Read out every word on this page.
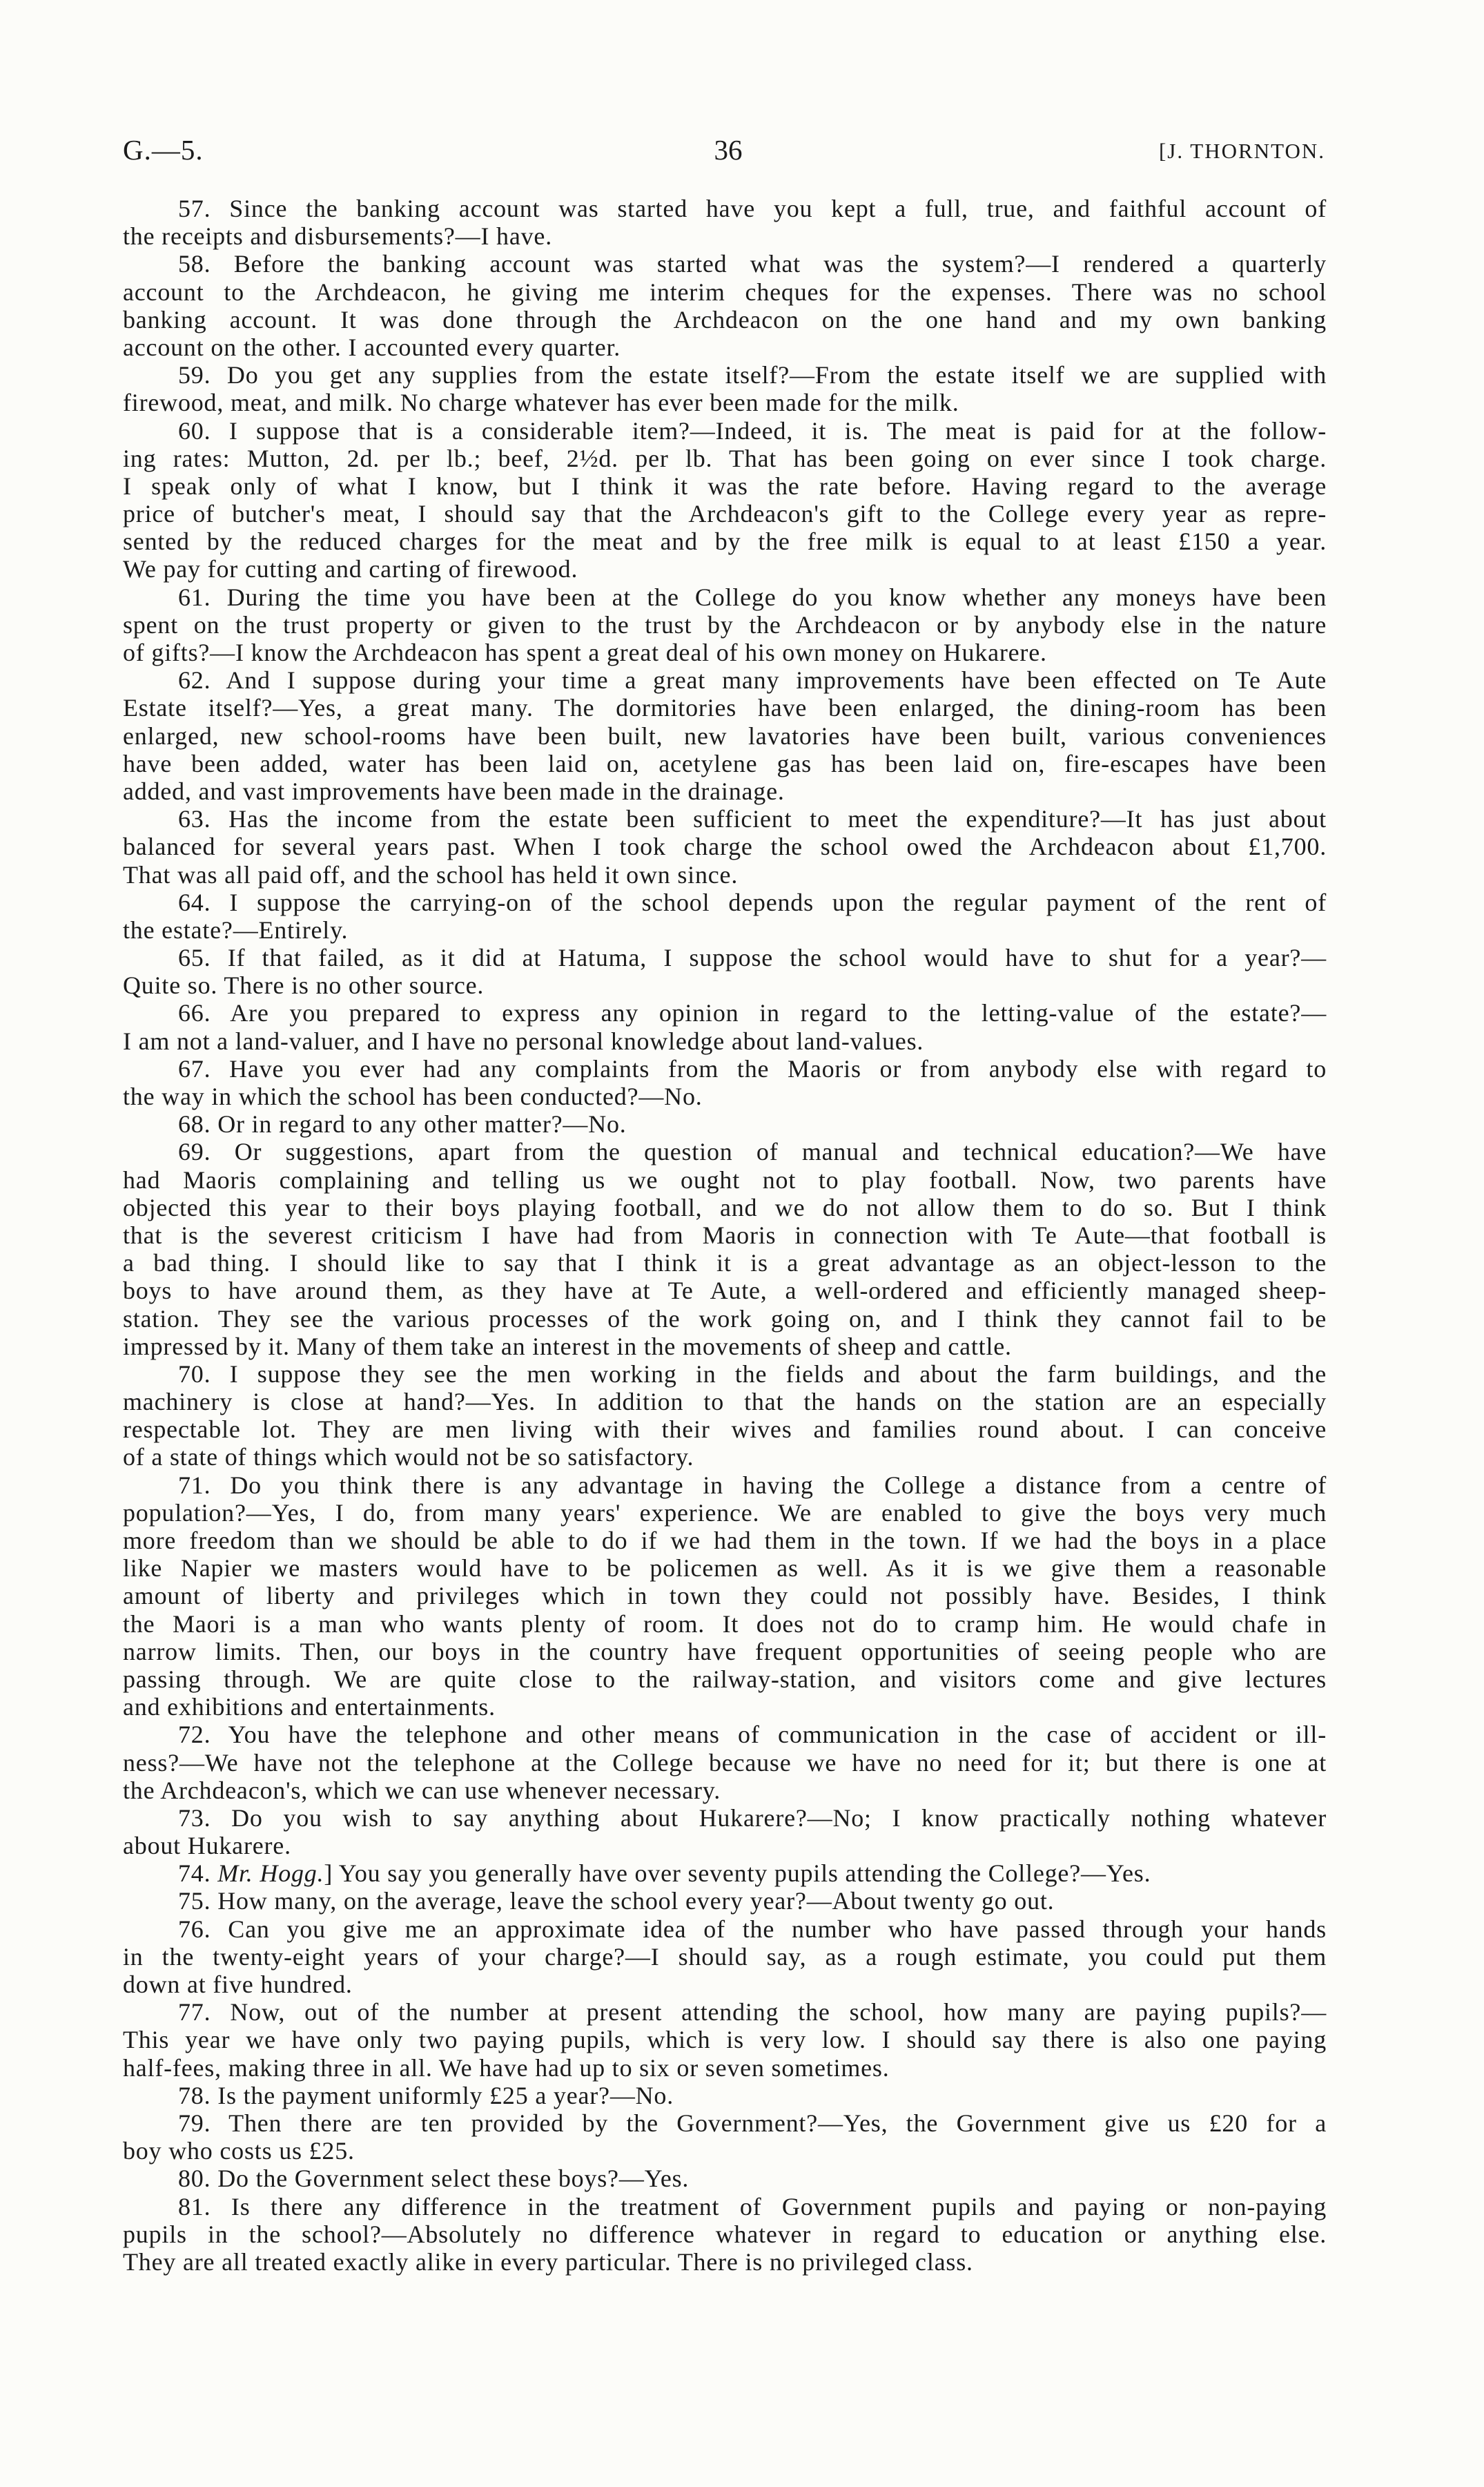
G.—5.	36	[J. THORNTON.
57. Since the banking account was started have you kept a full, true, and faithful account of
the receipts and disbursements?—I have.
58. Before the banking account was started what was the system?—I rendered a quarterly
account to the Archdeacon, he giving me interim cheques for the expenses. There was no school
banking account. It was done through the Archdeacon on the one hand and my own banking
account on the other. I accounted every quarter.
59. Do you get any supplies from the estate itself?—From the estate itself we are supplied with
firewood, meat, and milk. No charge whatever has ever been made for the milk.
60. I suppose that is a considerable item?—Indeed, it is. The meat is paid for at the follow-
ing rates: Mutton, 2d. per lb.; beef, 2½d. per lb. That has been going on ever since I took charge.
I speak only of what I know, but I think it was the rate before. Having regard to the average
price of butcher's meat, I should say that the Archdeacon's gift to the College every year as repre-
sented by the reduced charges for the meat and by the free milk is equal to at least £150 a year.
We pay for cutting and carting of firewood.
61. During the time you have been at the College do you know whether any moneys have been
spent on the trust property or given to the trust by the Archdeacon or by anybody else in the nature
of gifts?—I know the Archdeacon has spent a great deal of his own money on Hukarere.
62. And I suppose during your time a great many improvements have been effected on Te Aute
Estate itself?—Yes, a great many. The dormitories have been enlarged, the dining-room has been
enlarged, new school-rooms have been built, new lavatories have been built, various conveniences
have been added, water has been laid on, acetylene gas has been laid on, fire-escapes have been
added, and vast improvements have been made in the drainage.
63. Has the income from the estate been sufficient to meet the expenditure?—It has just about
balanced for several years past. When I took charge the school owed the Archdeacon about £1,700.
That was all paid off, and the school has held it own since.
64. I suppose the carrying-on of the school depends upon the regular payment of the rent of
the estate?—Entirely.
65. If that failed, as it did at Hatuma, I suppose the school would have to shut for a year?—
Quite so. There is no other source.
66. Are you prepared to express any opinion in regard to the letting-value of the estate?—
I am not a land-valuer, and I have no personal knowledge about land-values.
67. Have you ever had any complaints from the Maoris or from anybody else with regard to
the way in which the school has been conducted?—No.
68. Or in regard to any other matter?—No.
69. Or suggestions, apart from the question of manual and technical education?—We have
had Maoris complaining and telling us we ought not to play football. Now, two parents have
objected this year to their boys playing football, and we do not allow them to do so. But I think
that is the severest criticism I have had from Maoris in connection with Te Aute—that football is
a bad thing. I should like to say that I think it is a great advantage as an object-lesson to the
boys to have around them, as they have at Te Aute, a well-ordered and efficiently managed sheep-
station. They see the various processes of the work going on, and I think they cannot fail to be
impressed by it. Many of them take an interest in the movements of sheep and cattle.
70. I suppose they see the men working in the fields and about the farm buildings, and the
machinery is close at hand?—Yes. In addition to that the hands on the station are an especially
respectable lot. They are men living with their wives and families round about. I can conceive
of a state of things which would not be so satisfactory.
71. Do you think there is any advantage in having the College a distance from a centre of
population?—Yes, I do, from many years' experience. We are enabled to give the boys very much
more freedom than we should be able to do if we had them in the town. If we had the boys in a place
like Napier we masters would have to be policemen as well. As it is we give them a reasonable
amount of liberty and privileges which in town they could not possibly have. Besides, I think
the Maori is a man who wants plenty of room. It does not do to cramp him. He would chafe in
narrow limits. Then, our boys in the country have frequent opportunities of seeing people who are
passing through. We are quite close to the railway-station, and visitors come and give lectures
and exhibitions and entertainments.
72. You have the telephone and other means of communication in the case of accident or ill-
ness?—We have not the telephone at the College because we have no need for it; but there is one at
the Archdeacon's, which we can use whenever necessary.
73. Do you wish to say anything about Hukarere?—No; I know practically nothing whatever
about Hukarere.
74. Mr. Hogg.] You say you generally have over seventy pupils attending the College?—Yes.
75. How many, on the average, leave the school every year?—About twenty go out.
76. Can you give me an approximate idea of the number who have passed through your hands
in the twenty-eight years of your charge?—I should say, as a rough estimate, you could put them
down at five hundred.
77. Now, out of the number at present attending the school, how many are paying pupils?—
This year we have only two paying pupils, which is very low. I should say there is also one paying
half-fees, making three in all. We have had up to six or seven sometimes.
78. Is the payment uniformly £25 a year?—No.
79. Then there are ten provided by the Government?—Yes, the Government give us £20 for a
boy who costs us £25.
80. Do the Government select these boys?—Yes.
81. Is there any difference in the treatment of Government pupils and paying or non-paying
pupils in the school?—Absolutely no difference whatever in regard to education or anything else.
They are all treated exactly alike in every particular. There is no privileged class.
